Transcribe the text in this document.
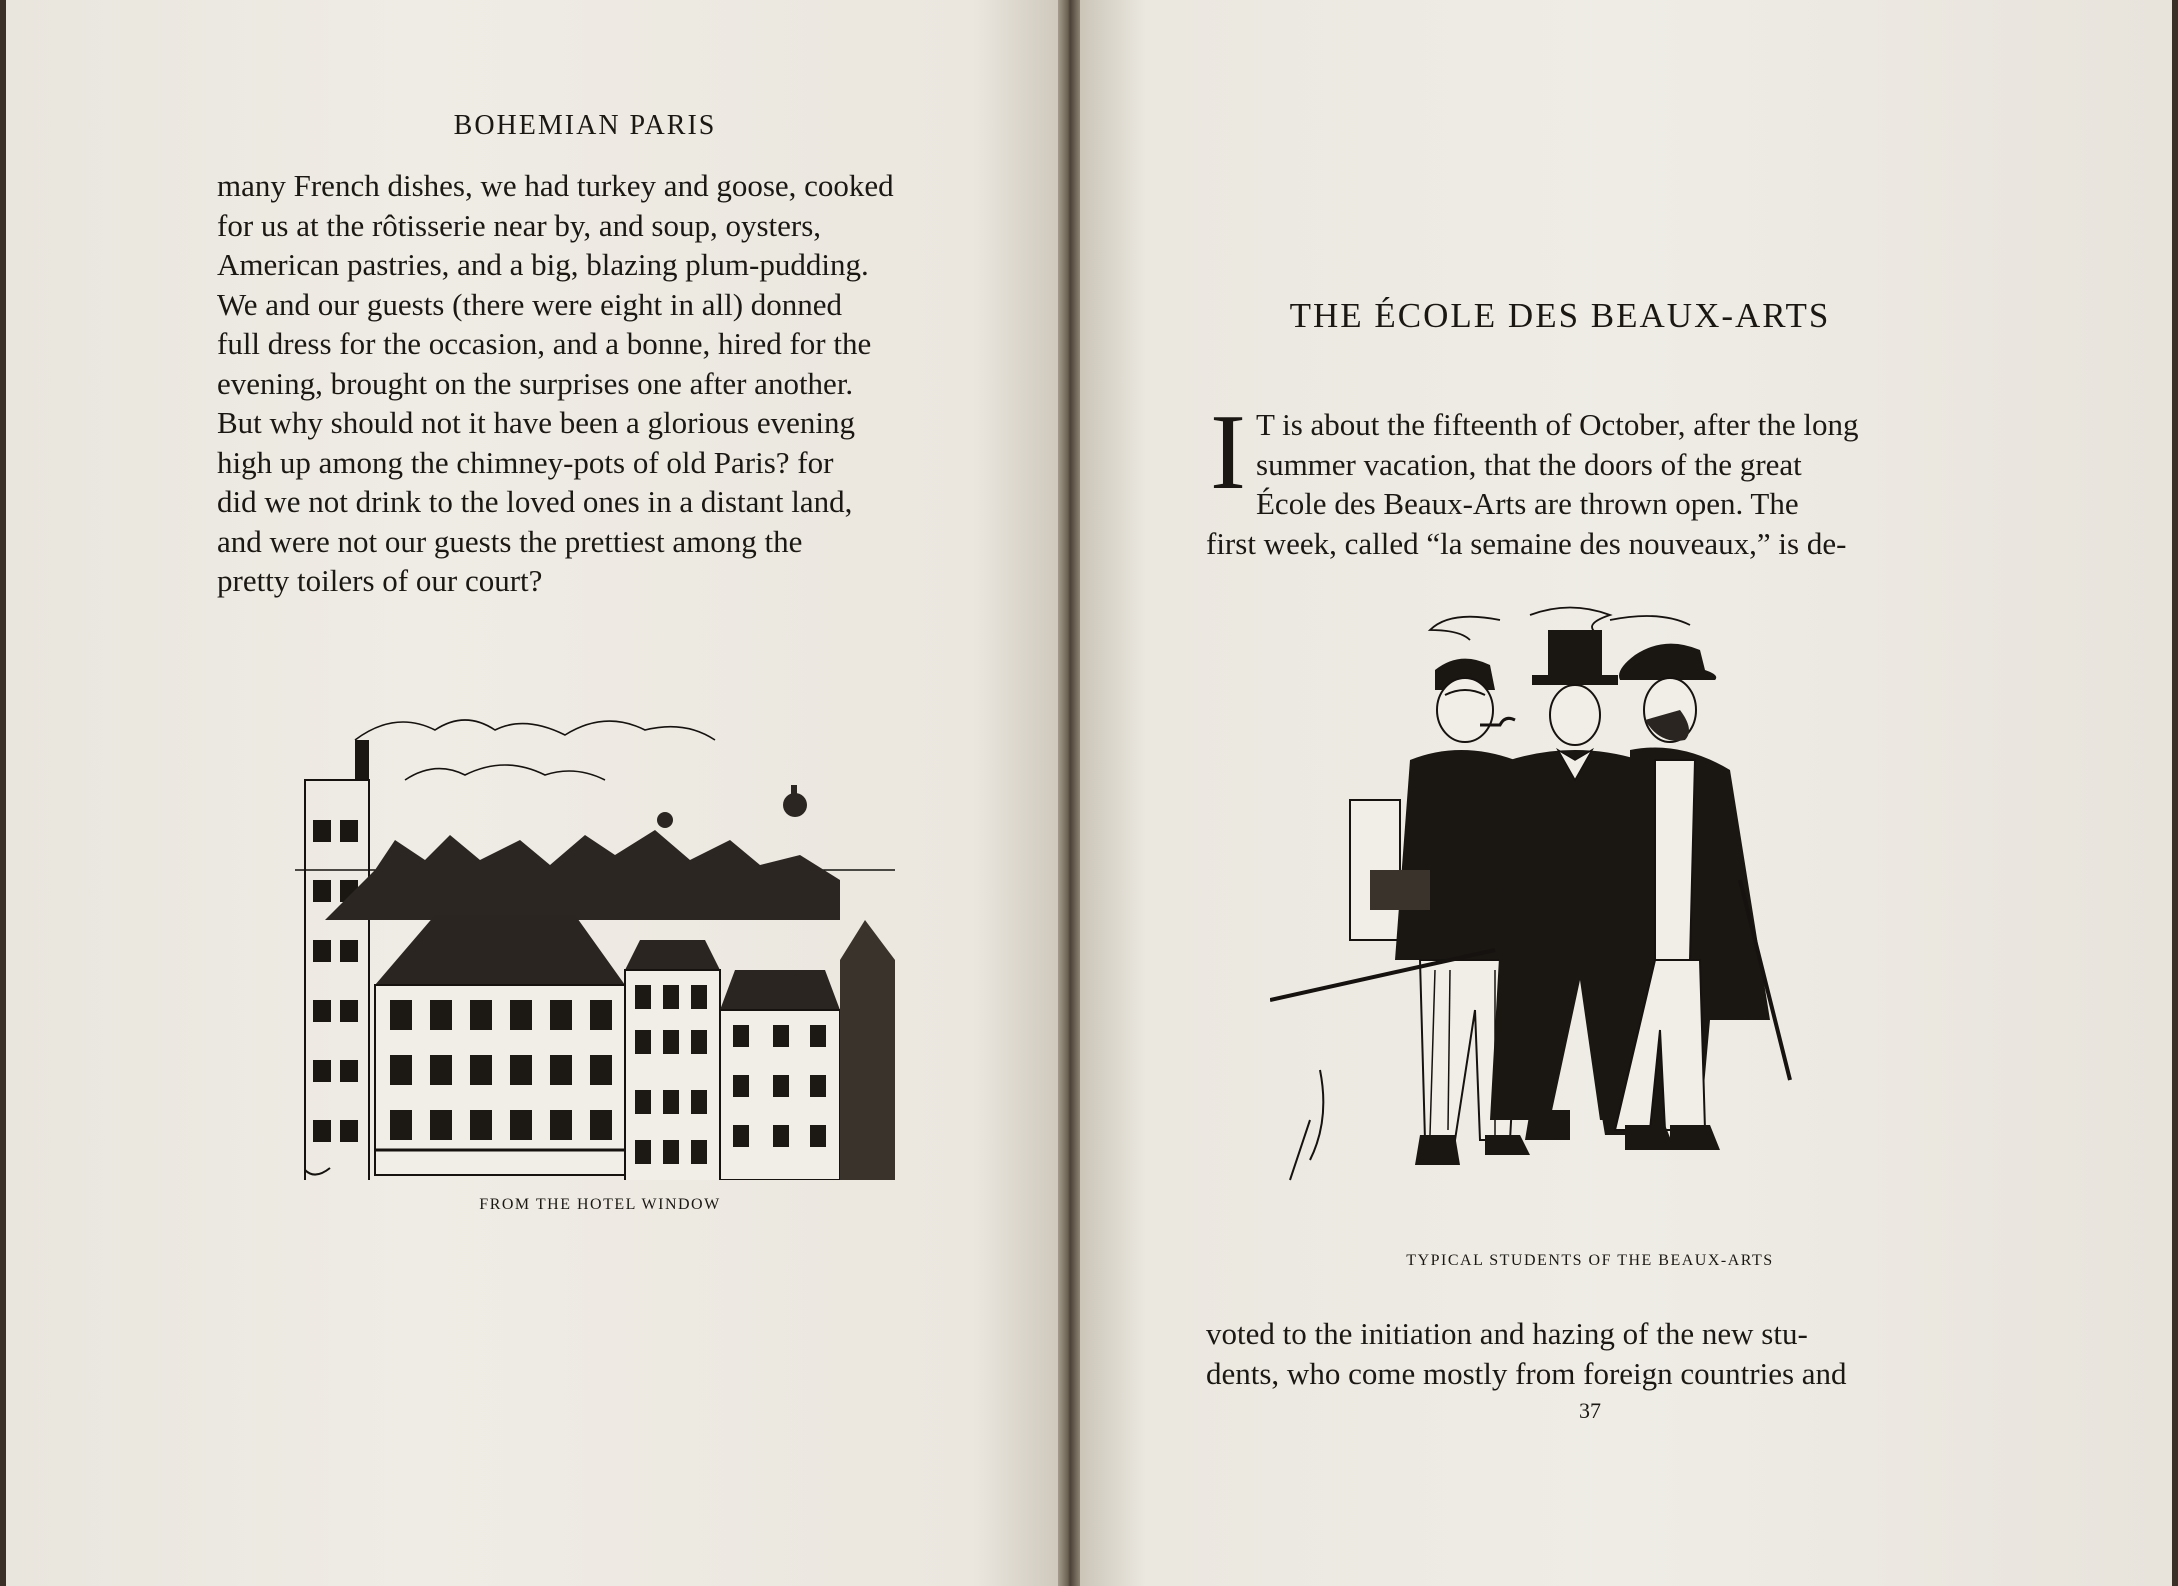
BOHEMIAN PARIS

many French dishes, we had turkey and goose, cooked

for us at the rôtisserie near by, and soup, oysters,

American pastries, and a big, blazing plum-pudding.

We and our guests (there were eight in all) donned

full dress for the occasion, and a bonne, hired for the

evening, brought on the surprises one after another.

But why should not it have been a glorious evening

high up among the chimney-pots of old Paris? for

did we not drink to the loved ones in a distant land,

and were not our guests the prettiest among the

pretty toilers of our court?

FROM THE HOTEL WINDOW
THE ÉCOLE DES BEAUX-ARTS
I T is about the fifteenth of October, after the long

summer vacation, that the doors of the great

École des Beaux-Arts are thrown open. The

first week, called “la semaine des nouveaux,” is de-

TYPICAL STUDENTS OF THE BEAUX-ARTS

voted to the initiation and hazing of the new stu-

dents, who come mostly from foreign countries and

37
